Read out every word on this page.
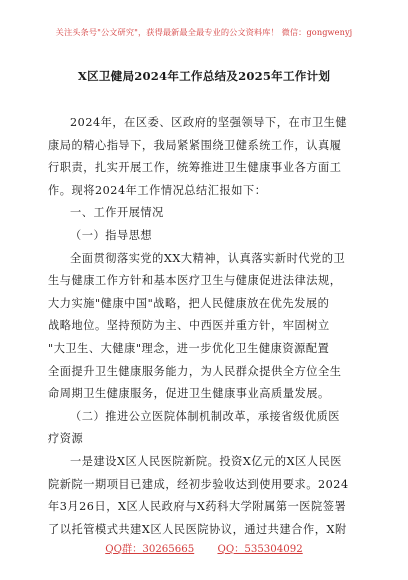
关注头条号"公文研究"，获得最新最全最专业的公文资料库！ 微信：gongwenyj
X区卫健局2024年工作总结及2025年工作计划
2024年，在区委、区政府的坚强领导下，在市卫生健
康局的精心指导下，我局紧紧围绕卫健系统工作，认真履
行职责，扎实开展工作，统筹推进卫生健康事业各方面工
作。现将2024年工作情况总结汇报如下：
一、工作开展情况
（一）指导思想
全面贯彻落实党的XX大精神，认真落实新时代党的卫
生与健康工作方针和基本医疗卫生与健康促进法律法规，
大力实施"健康中国"战略，把人民健康放在优先发展的
战略地位。坚持预防为主、中西医并重方针，牢固树立
"大卫生、大健康"理念，进一步优化卫生健康资源配置
全面提升卫生健康服务能力，为人民群众提供全方位全生
命周期卫生健康服务，促进卫生健康事业高质量发展。
（二）推进公立医院体制机制改革，承接省级优质医
疗资源
一是建设X区人民医院新院。投资X亿元的X区人民医
院新院一期项目已建成，经初步验收达到使用要求。2024
年3月26日，X区人民政府与X药科大学附属第一医院签署
了以托管模式共建X区人民医院协议，通过共建合作，X附
QQ群：30265665 QQ：535304092
